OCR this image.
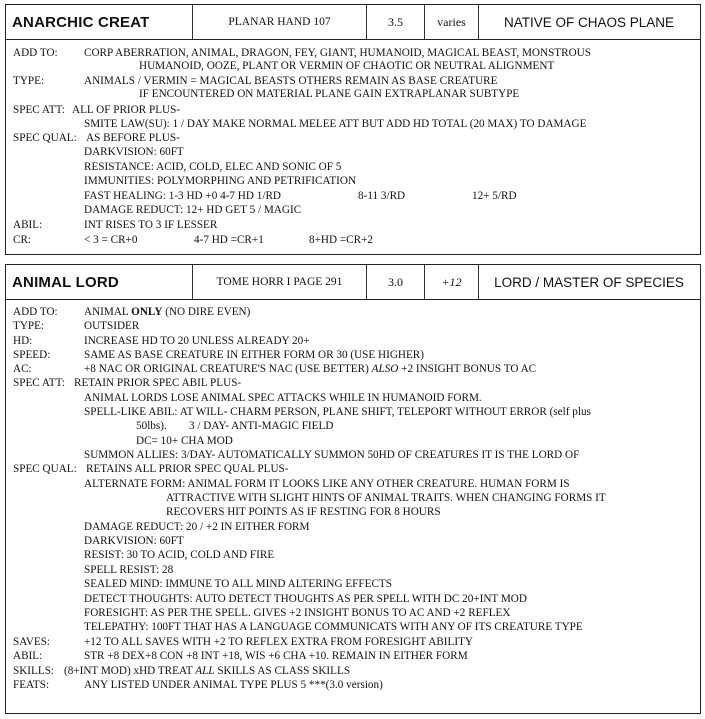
ANARCHIC CREAT	PLANAR HAND 107	3.5	varies	NATIVE OF CHAOS PLANE
ADD TO: CORP ABERRATION, ANIMAL, DRAGON, FEY, GIANT, HUMANOID, MAGICAL BEAST, MONSTROUS
HUMANOID, OOZE, PLANT OR VERMIN OF CHAOTIC OR NEUTRAL ALIGNMENT
TYPE:	ANIMALS / VERMIN = MAGICAL BEASTS OTHERS REMAIN AS BASE CREATURE
IF ENCOUNTERED ON MATERIAL PLANE GAIN EXTRAPLANAR SUBTYPE
SPEC ATT: ALL OF PRIOR PLUS-
SMITE LAW(SU): 1 / DAY MAKE NORMAL MELEE ATT BUT ADD HD TOTAL (20 MAX) TO DAMAGE
SPEC QUAL: AS BEFORE PLUS-
DARKVISION: 60FT
RESISTANCE: ACID, COLD, ELEC AND SONIC OF 5
IMMUNITIES: POLYMORPHING AND PETRIFICATION
FAST HEALING: 1-3 HD +0 4-7 HD 1/RD	8-11 3/RD	12+ 5/RD
DAMAGE REDUCT: 12+ HD GET 5 / MAGIC
ABIL:	INT RISES TO 3 IF LESSER
CR:	< 3 = CR+0	4-7 HD =CR+1	8+HD =CR+2
ANIMAL LORD	TOME HORR I PAGE 291	3.0	+12	LORD / MASTER OF SPECIES
ADD TO: ANIMAL ONLY (NO DIRE EVEN)
TYPE:	OUTSIDER
HD:	INCREASE HD TO 20 UNLESS ALREADY 20+
SPEED:	SAME AS BASE CREATURE IN EITHER FORM OR 30 (USE HIGHER)
AC:	+8 NAC OR ORIGINAL CREATURE'S NAC (USE BETTER) ALSO +2 INSIGHT BONUS TO AC
SPEC ATT: RETAIN PRIOR SPEC ABIL PLUS-
ANIMAL LORDS LOSE ANIMAL SPEC ATTACKS WHILE IN HUMANOID FORM.
SPELL-LIKE ABIL: AT WILL- CHARM PERSON, PLANE SHIFT, TELEPORT WITHOUT ERROR (self plus
50lbs). 3 / DAY- ANTI-MAGIC FIELD
DC= 10+ CHA MOD
SUMMON ALLIES: 3/DAY- AUTOMATICALLY SUMMON 50HD OF CREATURES IT IS THE LORD OF
SPEC QUAL: RETAINS ALL PRIOR SPEC QUAL PLUS-
ALTERNATE FORM: ANIMAL FORM IT LOOKS LIKE ANY OTHER CREATURE. HUMAN FORM IS
ATTRACTIVE WITH SLIGHT HINTS OF ANIMAL TRAITS. WHEN CHANGING FORMS IT
RECOVERS HIT POINTS AS IF RESTING FOR 8 HOURS
DAMAGE REDUCT: 20 / +2 IN EITHER FORM
DARKVISION: 60FT
RESIST: 30 TO ACID, COLD AND FIRE
SPELL RESIST: 28
SEALED MIND: IMMUNE TO ALL MIND ALTERING EFFECTS
DETECT THOUGHTS: AUTO DETECT THOUGHTS AS PER SPELL WITH DC 20+INT MOD
FORESIGHT: AS PER THE SPELL. GIVES +2 INSIGHT BONUS TO AC AND +2 REFLEX
TELEPATHY: 100FT THAT HAS A LANGUAGE COMMUNICATS WITH ANY OF ITS CREATURE TYPE
SAVES:	+12 TO ALL SAVES WITH +2 TO REFLEX EXTRA FROM FORESIGHT ABILITY
ABIL:	STR +8 DEX+8 CON +8 INT +18, WIS +6 CHA +10. REMAIN IN EITHER FORM
SKILLS: (8+INT MOD) xHD TREAT ALL SKILLS AS CLASS SKILLS
FEATS:	ANY LISTED UNDER ANIMAL TYPE PLUS 5 ***(3.0 version)
